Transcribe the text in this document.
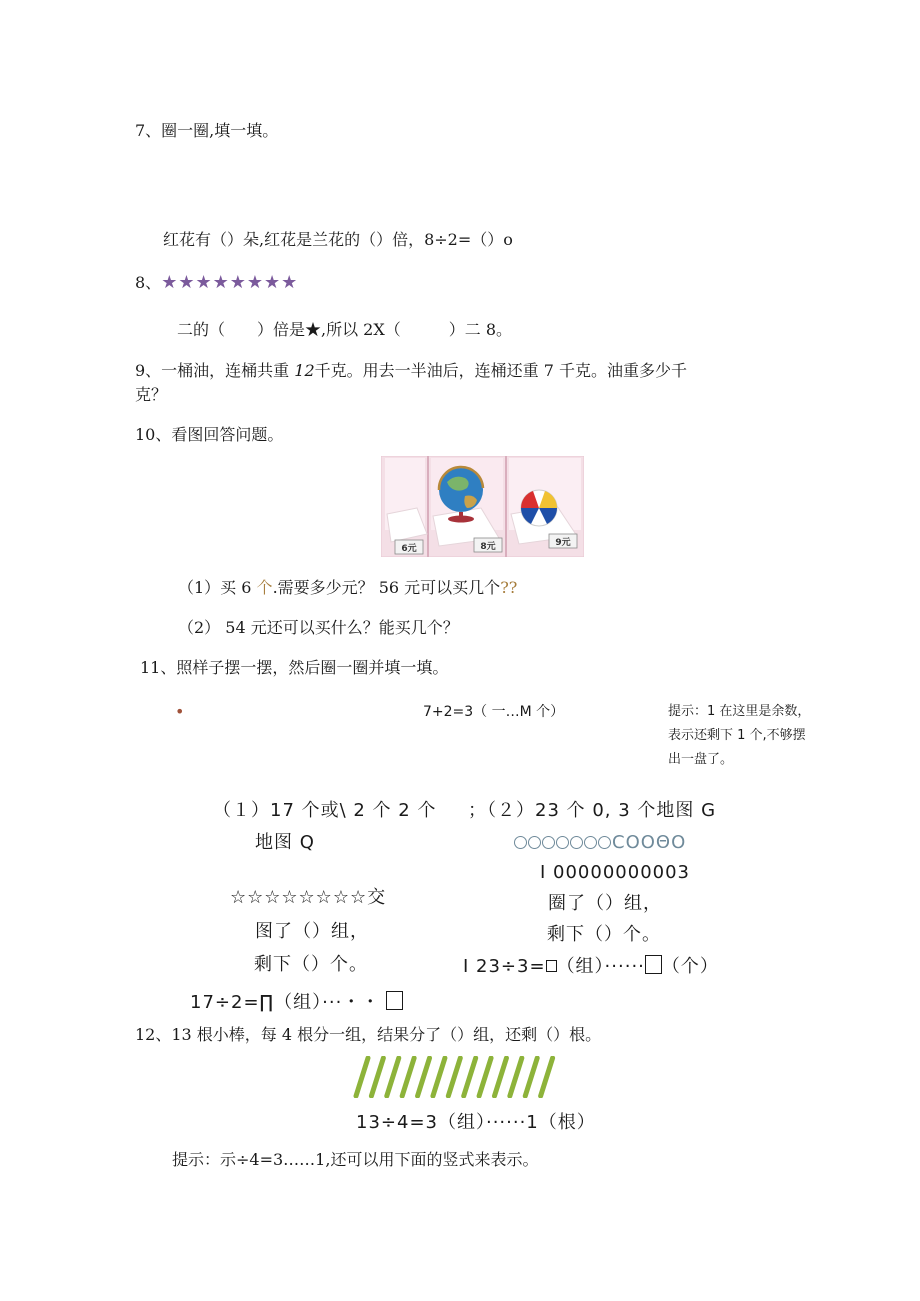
7、圈一圈,填一填。
红花有（）朵,红花是兰花的（）倍，8÷2=（）o
8、★★★★★★★★
二的（　　）倍是★,所以 2X（　　　）二 8。
9、一桶油，连桶共重 12千克。用去一半油后，连桶还重 7 千克。油重多少千
克？
10、看图回答问题。
6元	8元	9元
（1）买 6 个.需要多少元？ 56 元可以买几个??
（2） 54 元还可以买什么？能买几个？
11、照样子摆一摆，然后圈一圈并填一填。
•	7+2=3（ 一…M 个）	提示：1 在这里是余数，
表示还剩下 1 个,不够摆
出一盘了。
（１）17 个或\ 2 个 2 个 ；（２）23 个 0, 3 个地图 G
地图 Q	COOΘO
I 00000000003
☆☆☆☆☆☆☆☆交	圈了（）组，
图了（）组，	剩下（）个。
剩下（）个。	I 23÷3= （组）······ （个）
17÷2=∏（组）···・・
12、13 根小棒，每 4 根分一组，结果分了（）组，还剩（）根。
13÷4=3（组）······1（根）
提示：示÷4=3……1,还可以用下面的竖式来表示。
